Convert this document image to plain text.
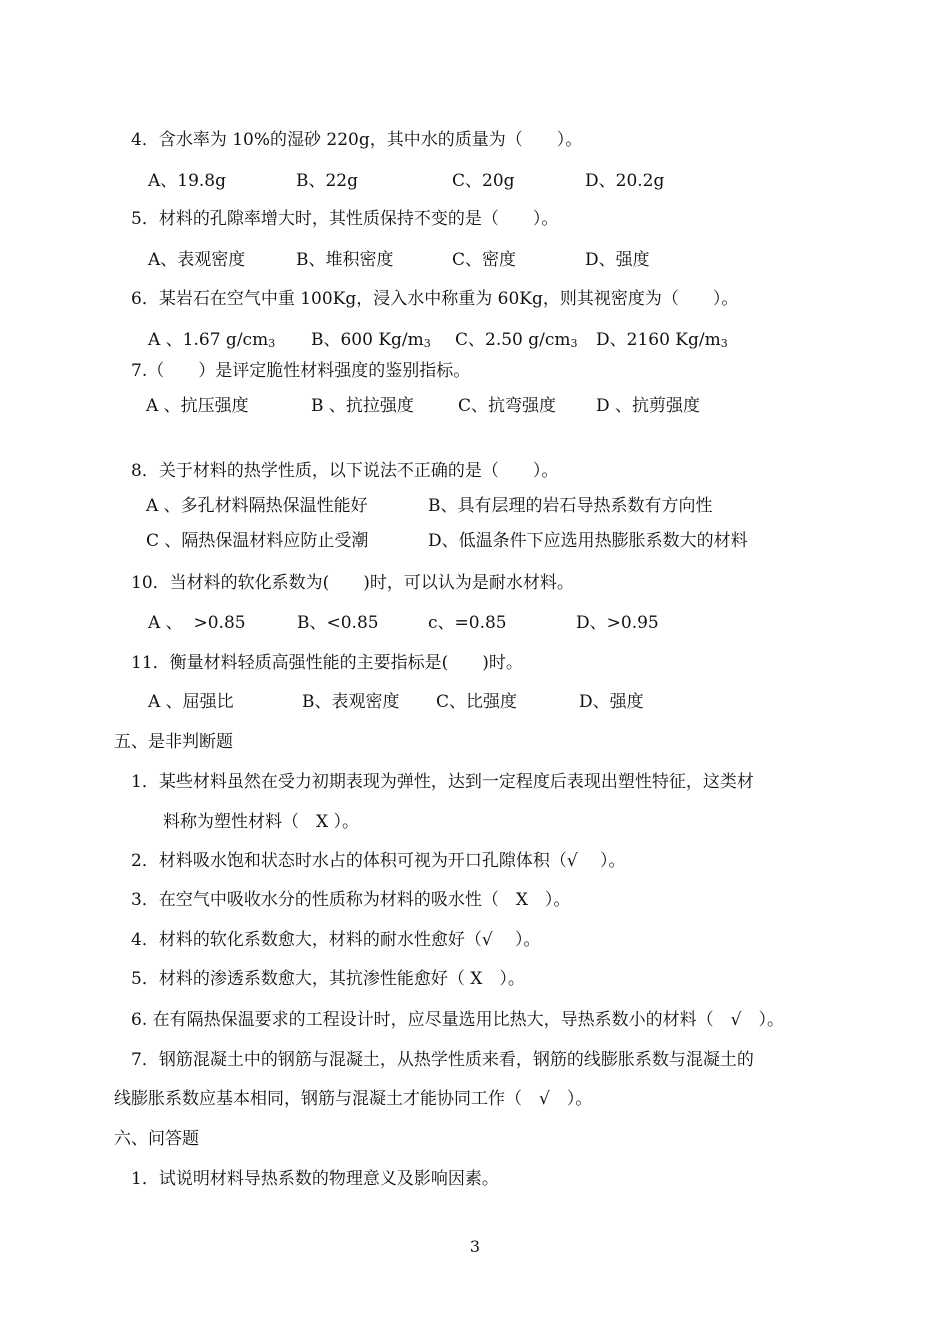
4．含水率为 10%的湿砂 220g，其中水的质量为（　　）。
A、19.8g	B、22g	C、20g	D、20.2g
5．材料的孔隙率增大时，其性质保持不变的是（　　）。
A、表观密度	B、堆积密度	C、密度	D、强度
6．某岩石在空气中重 100Kg，浸入水中称重为 60Kg，则其视密度为（　　）。
A 、1.67 $g/cm_3$ B、600 $Kg/m_3$ C、2.50 $g/cm_3$ D、2160 $Kg/m_3$
7.（　　）是评定脆性材料强度的鉴别指标。
A 、抗压强度	B 、抗拉强度	C、抗弯强度 D 、抗剪强度
8．关于材料的热学性质，以下说法不正确的是（　　）。
A 、多孔材料隔热保温性能好	B、具有层理的岩石导热系数有方向性
C 、隔热保温材料应防止受潮	D、低温条件下应选用热膨胀系数大的材料
10．当材料的软化系数为(　　)时，可以认为是耐水材料。
A 、  >0.85	B、<0.85	c、=0.85	D、>0.95
11．衡量材料轻质高强性能的主要指标是(　　)时。
A 、屈强比	B、表观密度 C、比强度	D、强度
五、是非判断题
1．某些材料虽然在受力初期表现为弹性，达到一定程度后表现出塑性特征，这类材
料称为塑性材料（　X ）。
2．材料吸水饱和状态时水占的体积可视为开口孔隙体积（√　 ）。
3．在空气中吸收水分的性质称为材料的吸水性（　X　）。
4．材料的软化系数愈大，材料的耐水性愈好（√　 ）。
5．材料的渗透系数愈大，其抗渗性能愈好（ X　）。
6. 在有隔热保温要求的工程设计时，应尽量选用比热大，导热系数小的材料（　√　）。
7．钢筋混凝土中的钢筋与混凝土，从热学性质来看，钢筋的线膨胀系数与混凝土的
线膨胀系数应基本相同，钢筋与混凝土才能协同工作（　√　）。
六、问答题
1．试说明材料导热系数的物理意义及影响因素。
3
